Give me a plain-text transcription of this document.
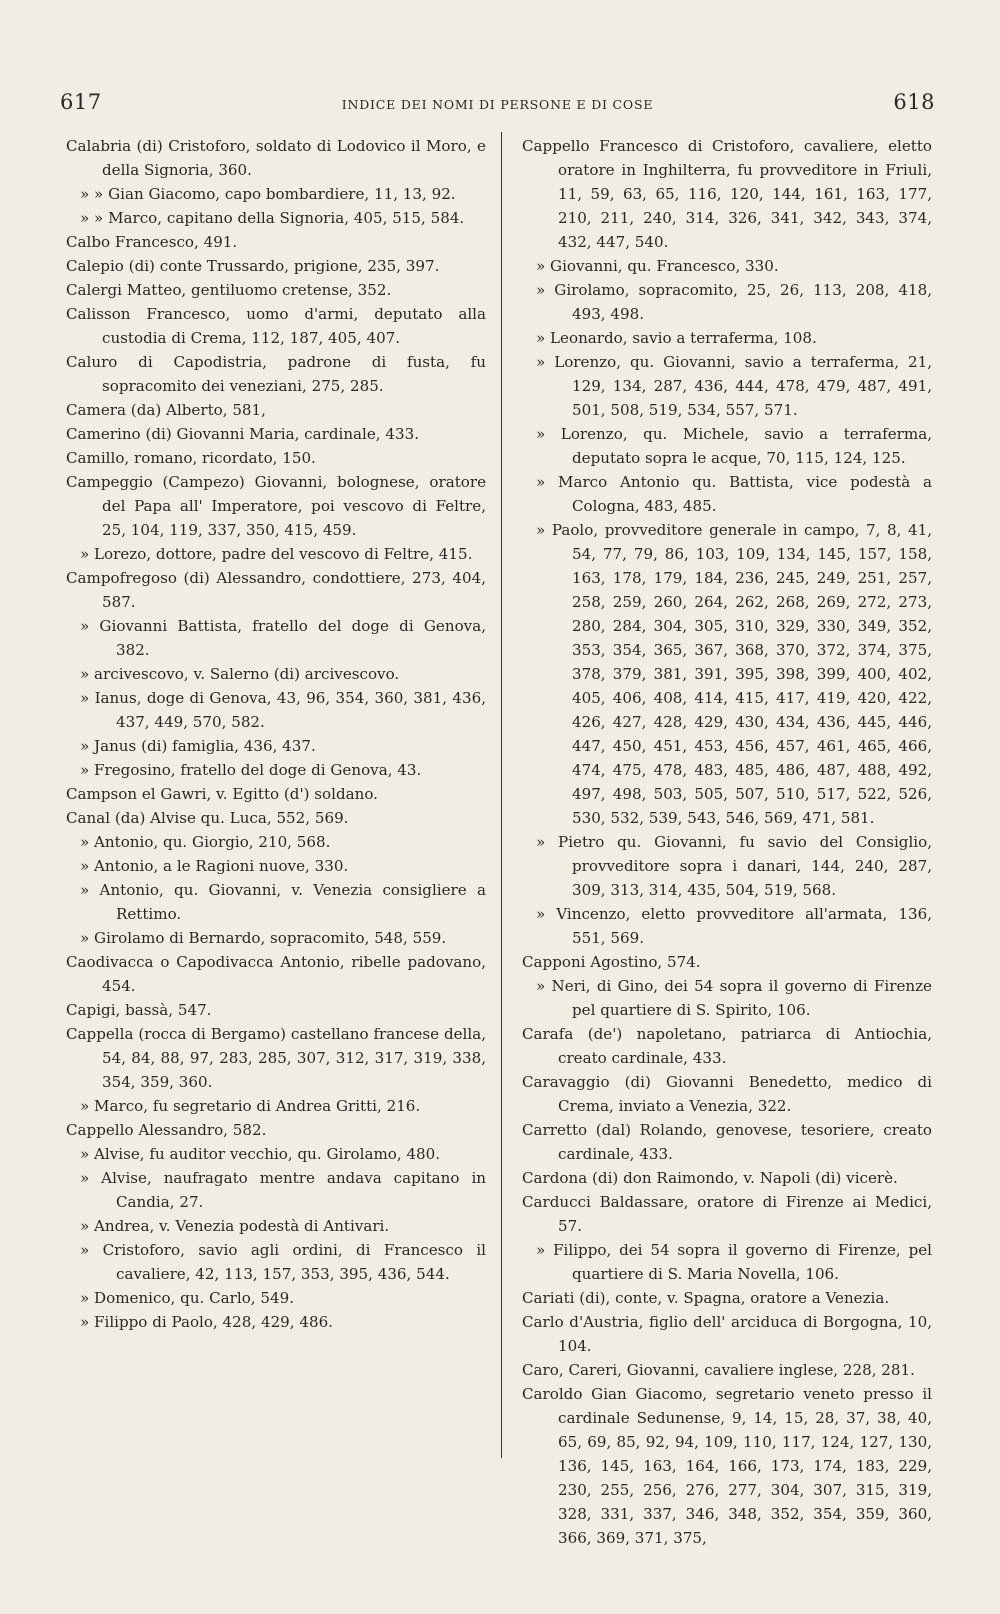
617	INDICE DEI NOMI DI PERSONE E DI COSE	618

Calabria (di) Cristoforo, soldato di Lodovico il Moro, e della Signoria, 360.

» » Gian Giacomo, capo bombardiere, 11, 13, 92.

» » Marco, capitano della Signoria, 405, 515, 584.

Calbo Francesco, 491.

Calepio (di) conte Trussardo, prigione, 235, 397.

Calergi Matteo, gentiluomo cretense, 352.

Calisson Francesco, uomo d'armi, deputato alla custodia di Crema, 112, 187, 405, 407.

Caluro di Capodistria, padrone di fusta, fu sopracomito dei veneziani, 275, 285.

Camera (da) Alberto, 581,

Camerino (di) Giovanni Maria, cardinale, 433.

Camillo, romano, ricordato, 150.

Campeggio (Campezo) Giovanni, bolognese, oratore del Papa all' Imperatore, poi vescovo di Feltre, 25, 104, 119, 337, 350, 415, 459.

» Lorezo, dottore, padre del vescovo di Feltre, 415.

Campofregoso (di) Alessandro, condottiere, 273, 404, 587.

» Giovanni Battista, fratello del doge di Genova, 382.

» arcivescovo, v. Salerno (di) arcivescovo.

» Ianus, doge di Genova, 43, 96, 354, 360, 381, 436, 437, 449, 570, 582.

» Janus (di) famiglia, 436, 437.

» Fregosino, fratello del doge di Genova, 43.

Campson el Gawri, v. Egitto (d') soldano.

Canal (da) Alvise qu. Luca, 552, 569.

» Antonio, qu. Giorgio, 210, 568.

» Antonio, a le Ragioni nuove, 330.

» Antonio, qu. Giovanni, v. Venezia consigliere a Rettimo.

» Girolamo di Bernardo, sopracomito, 548, 559.

Caodivacca o Capodivacca Antonio, ribelle padovano, 454.

Capigi, bassà, 547.

Cappella (rocca di Bergamo) castellano francese della, 54, 84, 88, 97, 283, 285, 307, 312, 317, 319, 338, 354, 359, 360.

» Marco, fu segretario di Andrea Gritti, 216.

Cappello Alessandro, 582.

» Alvise, fu auditor vecchio, qu. Girolamo, 480.

» Alvise, naufragato mentre andava capitano in Candia, 27.

» Andrea, v. Venezia podestà di Antivari.

» Cristoforo, savio agli ordini, di Francesco il cavaliere, 42, 113, 157, 353, 395, 436, 544.

» Domenico, qu. Carlo, 549.

» Filippo di Paolo, 428, 429, 486.

Cappello Francesco di Cristoforo, cavaliere, eletto oratore in Inghilterra, fu provveditore in Friuli, 11, 59, 63, 65, 116, 120, 144, 161, 163, 177, 210, 211, 240, 314, 326, 341, 342, 343, 374, 432, 447, 540.

» Giovanni, qu. Francesco, 330.

» Girolamo, sopracomito, 25, 26, 113, 208, 418, 493, 498.

» Leonardo, savio a terraferma, 108.

» Lorenzo, qu. Giovanni, savio a terraferma, 21, 129, 134, 287, 436, 444, 478, 479, 487, 491, 501, 508, 519, 534, 557, 571.

» Lorenzo, qu. Michele, savio a terraferma, deputato sopra le acque, 70, 115, 124, 125.

» Marco Antonio qu. Battista, vice podestà a Cologna, 483, 485.

» Paolo, provveditore generale in campo, 7, 8, 41, 54, 77, 79, 86, 103, 109, 134, 145, 157, 158, 163, 178, 179, 184, 236, 245, 249, 251, 257, 258, 259, 260, 264, 262, 268, 269, 272, 273, 280, 284, 304, 305, 310, 329, 330, 349, 352, 353, 354, 365, 367, 368, 370, 372, 374, 375, 378, 379, 381, 391, 395, 398, 399, 400, 402, 405, 406, 408, 414, 415, 417, 419, 420, 422, 426, 427, 428, 429, 430, 434, 436, 445, 446, 447, 450, 451, 453, 456, 457, 461, 465, 466, 474, 475, 478, 483, 485, 486, 487, 488, 492, 497, 498, 503, 505, 507, 510, 517, 522, 526, 530, 532, 539, 543, 546, 569, 471, 581.

» Pietro qu. Giovanni, fu savio del Consiglio, provveditore sopra i danari, 144, 240, 287, 309, 313, 314, 435, 504, 519, 568.

» Vincenzo, eletto provveditore all'armata, 136, 551, 569.

Capponi Agostino, 574.

» Neri, di Gino, dei 54 sopra il governo di Firenze pel quartiere di S. Spirito, 106.

Carafa (de') napoletano, patriarca di Antiochia, creato cardinale, 433.

Caravaggio (di) Giovanni Benedetto, medico di Crema, inviato a Venezia, 322.

Carretto (dal) Rolando, genovese, tesoriere, creato cardinale, 433.

Cardona (di) don Raimondo, v. Napoli (di) vicerè.

Carducci Baldassare, oratore di Firenze ai Medici, 57.

» Filippo, dei 54 sopra il governo di Firenze, pel quartiere di S. Maria Novella, 106.

Cariati (di), conte, v. Spagna, oratore a Venezia.

Carlo d'Austria, figlio dell' arciduca di Borgogna, 10, 104.

Caro, Careri, Giovanni, cavaliere inglese, 228, 281.

Caroldo Gian Giacomo, segretario veneto presso il cardinale Sedunense, 9, 14, 15, 28, 37, 38, 40, 65, 69, 85, 92, 94, 109, 110, 117, 124, 127, 130, 136, 145, 163, 164, 166, 173, 174, 183, 229, 230, 255, 256, 276, 277, 304, 307, 315, 319, 328, 331, 337, 346, 348, 352, 354, 359, 360, 366, 369, 371, 375,
